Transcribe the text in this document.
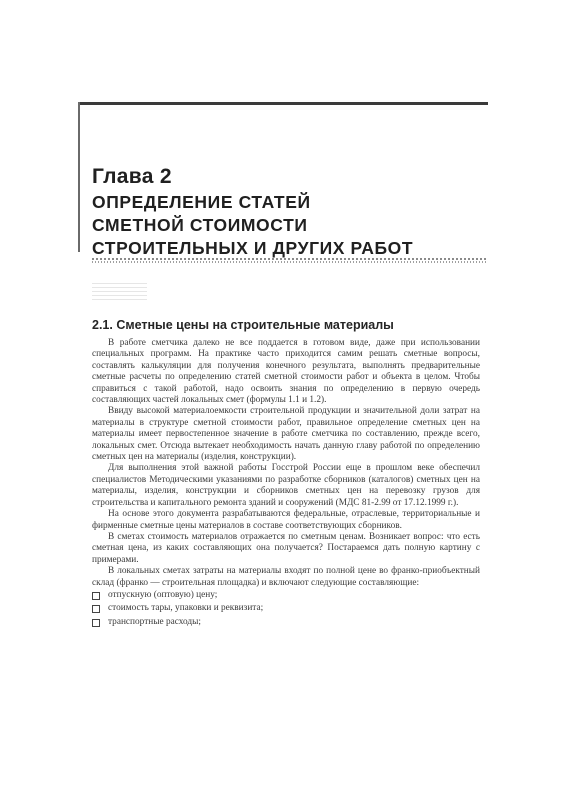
Глава 2
ОПРЕДЕЛЕНИЕ СТАТЕЙ
СМЕТНОЙ СТОИМОСТИ
СТРОИТЕЛЬНЫХ И ДРУГИХ РАБОТ
2.1. Сметные цены на строительные материалы

В работе сметчика далеко не все поддается в готовом виде, даже при использовании специальных программ. На практике часто приходится самим решать сметные вопросы, составлять калькуляции для получения конечного результата, выполнять предварительные сметные расчеты по определению статей сметной стоимости работ и объекта в целом. Чтобы справиться с такой работой, надо освоить знания по определению в первую очередь составляющих частей локальных смет (формулы 1.1 и 1.2).

Ввиду высокой материалоемкости строительной продукции и значительной доли затрат на материалы в структуре сметной стоимости работ, правильное определение сметных цен на материалы имеет первостепенное значение в работе сметчика по составлению, прежде всего, локальных смет. Отсюда вытекает необходимость начать данную главу работой по определению сметных цен на материалы (изделия, конструкции).

Для выполнения этой важной работы Госстрой России еще в прошлом веке обеспечил специалистов Методическими указаниями по разработке сборников (каталогов) сметных цен на материалы, изделия, конструкции и сборников сметных цен на перевозку грузов для строительства и капитального ремонта зданий и сооружений (МДС 81-2.99 от 17.12.1999 г.).

На основе этого документа разрабатываются федеральные, отраслевые, территориальные и фирменные сметные цены материалов в составе соответствующих сборников.

В сметах стоимость материалов отражается по сметным ценам. Возникает вопрос: что есть сметная цена, из каких составляющих она получается? Постараемся дать полную картину с примерами.

В локальных сметах затраты на материалы входят по полной цене во франко-приобъектный склад (франко — строительная площадка) и включают следующие составляющие:

отпускную (оптовую) цену;
стоимость тары, упаковки и реквизита;
транспортные расходы;
